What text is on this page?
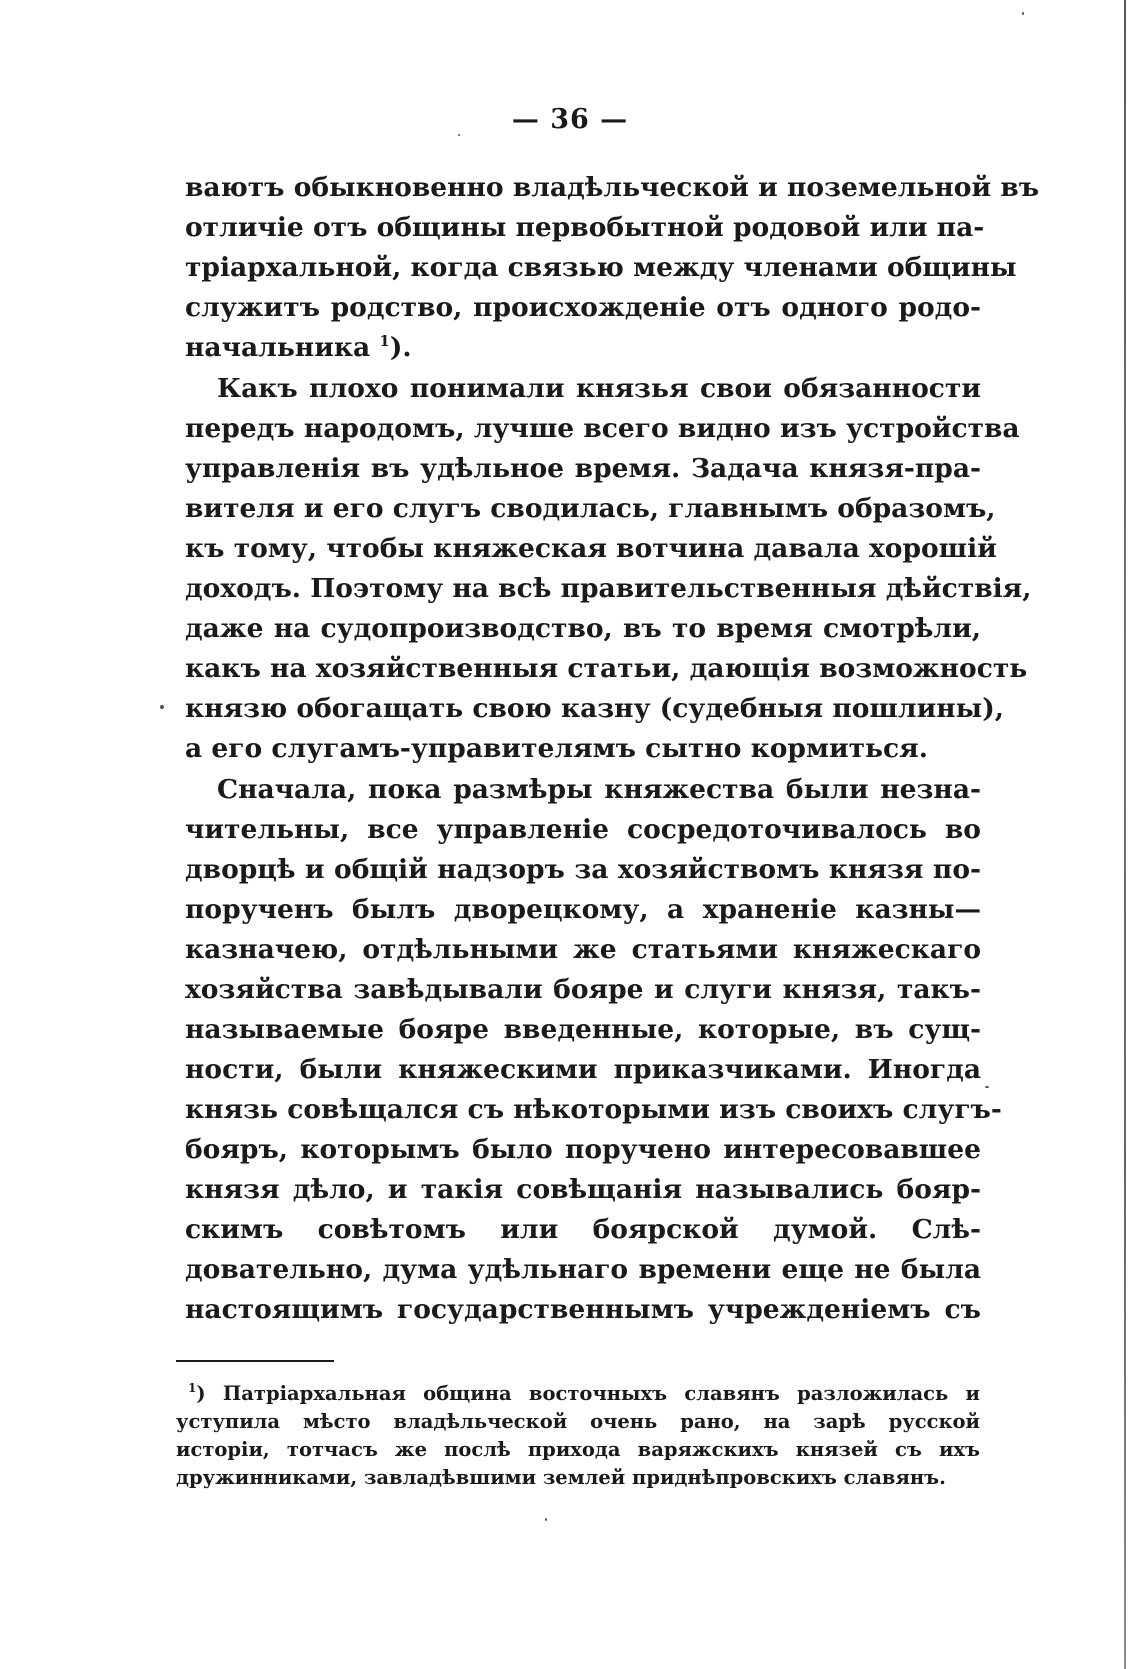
— 36 —
ваютъ обыкновенно владѣльческой и поземельной въ
отличіе отъ общины первобытной родовой или па-
тріархальной, когда связью между членами общины
служитъ родство, происхожденіе отъ одного родо-
начальника $^1$).
Какъ плохо понимали князья свои обязанности
передъ народомъ, лучше всего видно изъ устройства
управленія въ удѣльное время. Задача князя-пра-
вителя и его слугъ сводилась, главнымъ образомъ,
къ тому, чтобы княжеская вотчина давала хорошій
доходъ. Поэтому на всѣ правительственныя дѣйствія,
даже на судопроизводство, въ то время смотрѣли,
какъ на хозяйственныя статьи, дающія возможность
князю обогащать свою казну (судебныя пошлины),
а его слугамъ-управителямъ сытно кормиться.
Сначала, пока размѣры княжества были незна-
чительны, все управленіе сосредоточивалось во
дворцѣ и общій надзоръ за хозяйствомъ князя по-
порученъ былъ дворецкому, а храненіе казны—
казначею, отдѣльными же статьями княжескаго
хозяйства завѣдывали бояре и слуги князя, такъ-
называемые бояре введенные, которые, въ сущ-
ности, были княжескими приказчиками. Иногда
князь совѣщался съ нѣкоторыми изъ своихъ слугъ-
бояръ, которымъ было поручено интересовавшее
князя дѣло, и такія совѣщанія назывались бояр-
скимъ совѣтомъ или боярской думой. Слѣ-
довательно, дума удѣльнаго времени еще не была
настоящимъ государственнымъ учрежденіемъ съ
$^1$) Патріархальная община восточныхъ славянъ разложилась и
уступила мѣсто владѣльческой очень рано, на зарѣ русской
исторіи, тотчасъ же послѣ прихода варяжскихъ князей съ ихъ
дружинниками, завладѣвшими землей приднѣпровскихъ славянъ.
